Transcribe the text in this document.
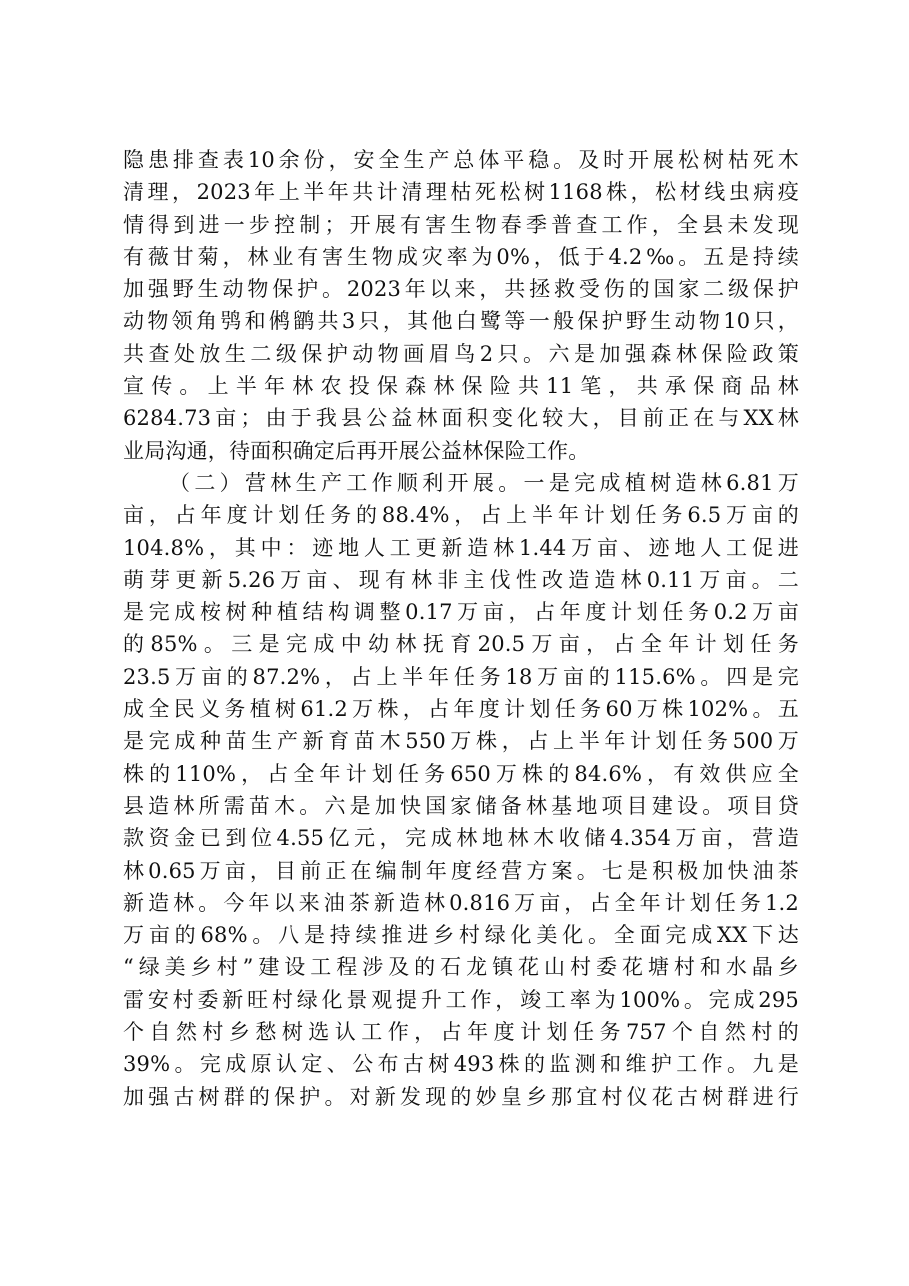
隐患排查表10余份，安全生产总体平稳。及时开展松树枯死木
清理，2023年上半年共计清理枯死松树1168株，松材线虫病疫
情得到进一步控制；开展有害生物春季普查工作，全县未发现
有薇甘菊，林业有害生物成灾率为0%，低于4.2‰。五是持续
加强野生动物保护。2023年以来，共拯救受伤的国家二级保护
动物领角鸮和鸺鹠共3只，其他白鹭等一般保护野生动物10只，
共查处放生二级保护动物画眉鸟2只。六是加强森林保险政策
宣传。上半年林农投保森林保险共11笔，共承保商品林
6284.73亩；由于我县公益林面积变化较大，目前正在与XX林
业局沟通，待面积确定后再开展公益林保险工作。
（二）营林生产工作顺利开展。一是完成植树造林6.81万
亩，占年度计划任务的88.4%，占上半年计划任务6.5万亩的
104.8%，其中：迹地人工更新造林1.44万亩、迹地人工促进
萌芽更新5.26万亩、现有林非主伐性改造造林0.11万亩。二
是完成桉树种植结构调整0.17万亩，占年度计划任务0.2万亩
的85%。三是完成中幼林抚育20.5万亩，占全年计划任务
23.5万亩的87.2%，占上半年任务18万亩的115.6%。四是完
成全民义务植树61.2万株，占年度计划任务60万株102%。五
是完成种苗生产新育苗木550万株，占上半年计划任务500万
株的110%，占全年计划任务650万株的84.6%，有效供应全
县造林所需苗木。六是加快国家储备林基地项目建设。项目贷
款资金已到位4.55亿元，完成林地林木收储4.354万亩，营造
林0.65万亩，目前正在编制年度经营方案。七是积极加快油茶
新造林。今年以来油茶新造林0.816万亩，占全年计划任务1.2
万亩的68%。八是持续推进乡村绿化美化。全面完成XX下达
“绿美乡村”建设工程涉及的石龙镇花山村委花塘村和水晶乡
雷安村委新旺村绿化景观提升工作，竣工率为100%。完成295
个自然村乡愁树选认工作，占年度计划任务757个自然村的
39%。完成原认定、公布古树493株的监测和维护工作。九是
加强古树群的保护。对新发现的妙皇乡那宜村仪花古树群进行
